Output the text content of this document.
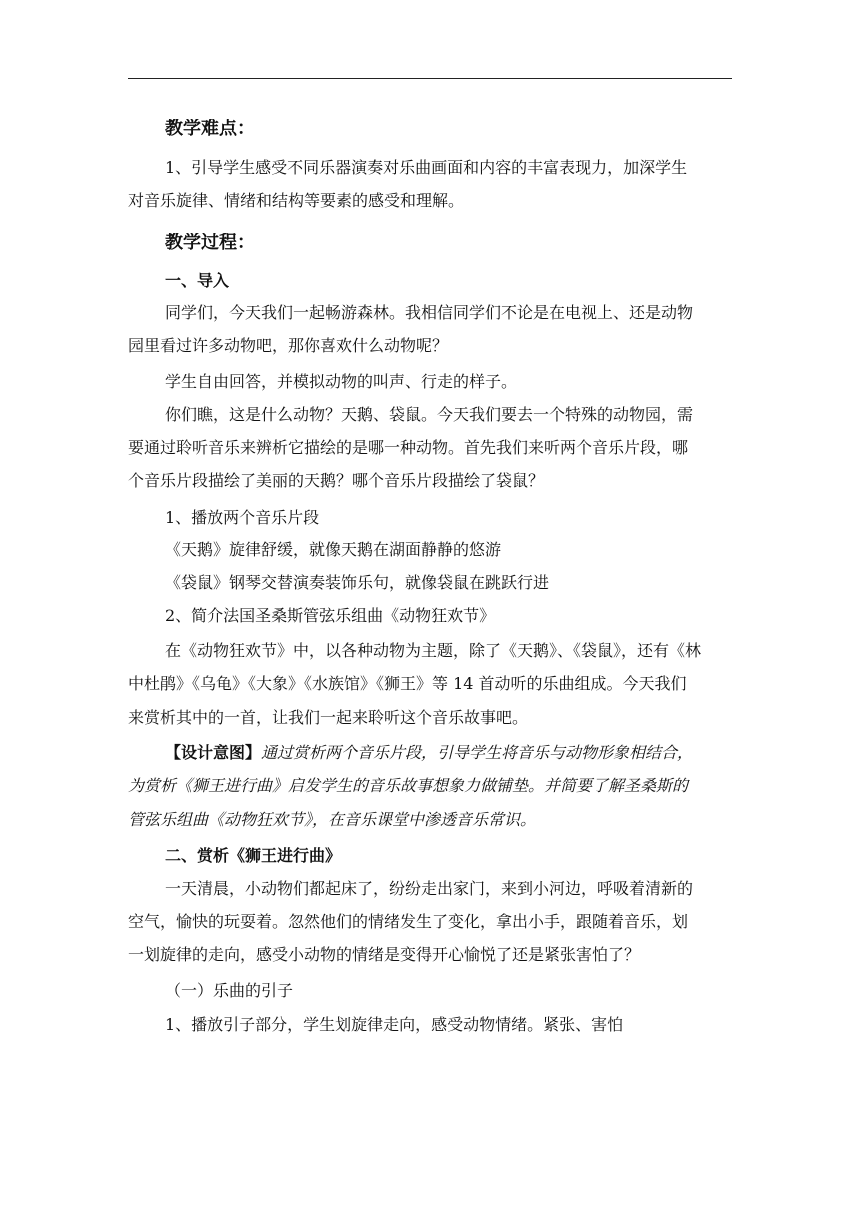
教学难点：
1、引导学生感受不同乐器演奏对乐曲画面和内容的丰富表现力，加深学生
对音乐旋律、情绪和结构等要素的感受和理解。
教学过程：
一、导入
同学们，今天我们一起畅游森林。我相信同学们不论是在电视上、还是动物
园里看过许多动物吧，那你喜欢什么动物呢？
学生自由回答，并模拟动物的叫声、行走的样子。
你们瞧，这是什么动物？天鹅、袋鼠。今天我们要去一个特殊的动物园，需
要通过聆听音乐来辨析它描绘的是哪一种动物。首先我们来听两个音乐片段，哪
个音乐片段描绘了美丽的天鹅？哪个音乐片段描绘了袋鼠？
1、播放两个音乐片段
《天鹅》旋律舒缓，就像天鹅在湖面静静的悠游
《袋鼠》钢琴交替演奏装饰乐句，就像袋鼠在跳跃行进
2、简介法国圣桑斯管弦乐组曲《动物狂欢节》
在《动物狂欢节》中，以各种动物为主题，除了《天鹅》、《袋鼠》，还有《林
中杜鹃》《乌龟》《大象》《水族馆》《狮王》等 14 首动听的乐曲组成。今天我们
来赏析其中的一首，让我们一起来聆听这个音乐故事吧。
【设计意图】通过赏析两个音乐片段，引导学生将音乐与动物形象相结合，
为赏析《狮王进行曲》启发学生的音乐故事想象力做铺垫。并简要了解圣桑斯的
管弦乐组曲《动物狂欢节》，在音乐课堂中渗透音乐常识。
二、赏析《狮王进行曲》
一天清晨，小动物们都起床了，纷纷走出家门，来到小河边，呼吸着清新的
空气，愉快的玩耍着。忽然他们的情绪发生了变化，拿出小手，跟随着音乐，划
一划旋律的走向，感受小动物的情绪是变得开心愉悦了还是紧张害怕了？
（一）乐曲的引子
1、播放引子部分，学生划旋律走向，感受动物情绪。紧张、害怕
